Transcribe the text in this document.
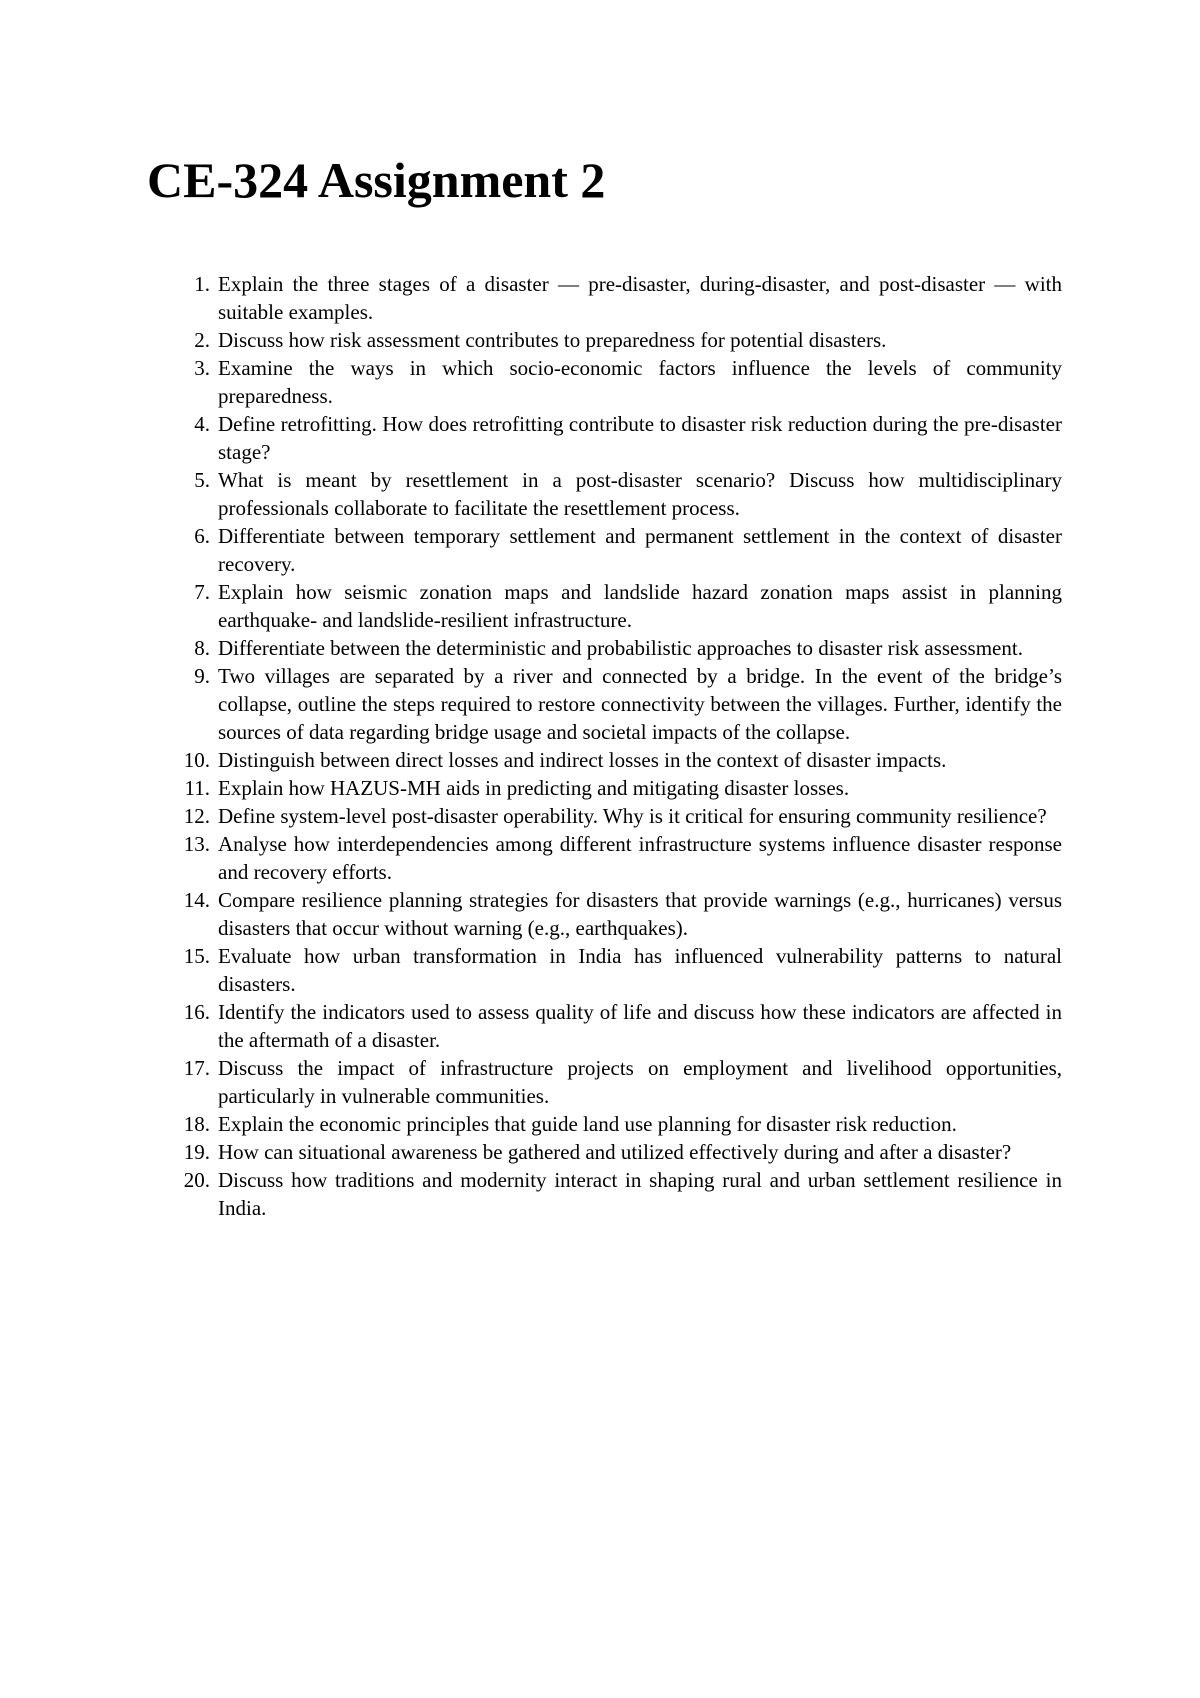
CE-324 Assignment 2
1. Explain the three stages of a disaster — pre-disaster, during-disaster, and post-disaster — with suitable examples.
2. Discuss how risk assessment contributes to preparedness for potential disasters.
3. Examine the ways in which socio-economic factors influence the levels of community preparedness.
4. Define retrofitting. How does retrofitting contribute to disaster risk reduction during the pre-disaster stage?
5. What is meant by resettlement in a post-disaster scenario? Discuss how multidisciplinary professionals collaborate to facilitate the resettlement process.
6. Differentiate between temporary settlement and permanent settlement in the context of disaster recovery.
7. Explain how seismic zonation maps and landslide hazard zonation maps assist in planning earthquake- and landslide-resilient infrastructure.
8. Differentiate between the deterministic and probabilistic approaches to disaster risk assessment.
9. Two villages are separated by a river and connected by a bridge. In the event of the bridge’s collapse, outline the steps required to restore connectivity between the villages. Further, identify the sources of data regarding bridge usage and societal impacts of the collapse.
10. Distinguish between direct losses and indirect losses in the context of disaster impacts.
11. Explain how HAZUS-MH aids in predicting and mitigating disaster losses.
12. Define system-level post-disaster operability. Why is it critical for ensuring community resilience?
13. Analyse how interdependencies among different infrastructure systems influence disaster response and recovery efforts.
14. Compare resilience planning strategies for disasters that provide warnings (e.g., hurricanes) versus disasters that occur without warning (e.g., earthquakes).
15. Evaluate how urban transformation in India has influenced vulnerability patterns to natural disasters.
16. Identify the indicators used to assess quality of life and discuss how these indicators are affected in the aftermath of a disaster.
17. Discuss the impact of infrastructure projects on employment and livelihood opportunities, particularly in vulnerable communities.
18. Explain the economic principles that guide land use planning for disaster risk reduction.
19. How can situational awareness be gathered and utilized effectively during and after a disaster?
20. Discuss how traditions and modernity interact in shaping rural and urban settlement resilience in India.
